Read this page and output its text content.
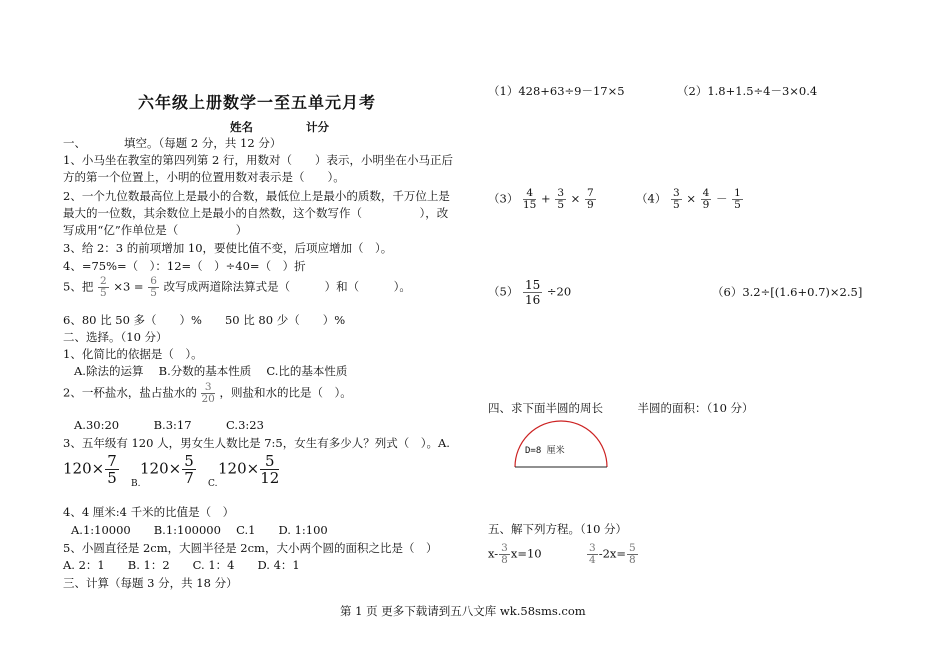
六年级上册数学一至五单元月考
姓名	计分
一、	填空。（每题 2 分，共 12 分）
1、小马坐在教室的第四列第 2 行，用数对（　　）表示，小明坐在小马正后
方的第一个位置上，小明的位置用数对表示是（　　）。
2、一个九位数最高位上是最小的合数，最低位上是最小的质数，千万位上是
最大的一位数，其余数位上是最小的自然数，这个数写作（　　　　　），改
写成用“亿”作单位是（　　　　　）
3、给 2：3 的前项增加 10，要使比值不变，后项应增加（　）。
4、=75%=（　）：12=（　）÷40=（　）折
5、把 $\frac{2}{5} \times 3 = \frac{6}{5}$ 改写成两道除法算式是（　　　）和（　　　）。
6、80 比 50 多（　　）%　　50 比 80 少（　　）%
二、选择。（10 分）
1、化简比的依据是（　）。
A.除法的运算　 B.分数的基本性质　 C.比的基本性质
2、一杯盐水，盐占盐水的 $\frac{3}{20}$ ，则盐和水的比是（　）。
A.30:20　　　B.3:17　　　C.3:23
3、五年级有 120 人，男女生人数比是 7:5，女生有多少人？列式（　）。A.
$120\times \frac{7}{5} B$.
$120\times \frac{5}{7} C$.
$120\times \frac{5}{12}$
4、4 厘米:4 千米的比值是（　）
A.1:10000　　B.1:100000　 C.1　　D. 1:100
5、小圆直径是 2cm，大圆半径是 2cm，大小两个圆的面积之比是（　）
A. 2：1　　B. 1：2　　C. 1：4　　D. 4：1
三、计算（每题 3 分，共 18 分）
（1）428+63÷9－17×5	（2）1.8+1.5÷4－3×0.4
$(3) \frac{4}{15} + \frac{3}{5} \times \frac{7}{9}$	$(4) \frac{3}{5} \times \frac{4}{9} - \frac{1}{5}$
$(5) \frac{15}{16} \div 20$	（6）3.2÷[(1.6+0.7)×2.5]
四、求下面半圆的周长　　　半圆的面积：（10 分）
D=8 厘米
五、解下列方程。（10 分）
$x- \frac{3}{8} x=10$	$\frac{3}{4} -2x= \frac{5}{8}$
第 1 页 更多下载请到五八文库 wk.58sms.com
